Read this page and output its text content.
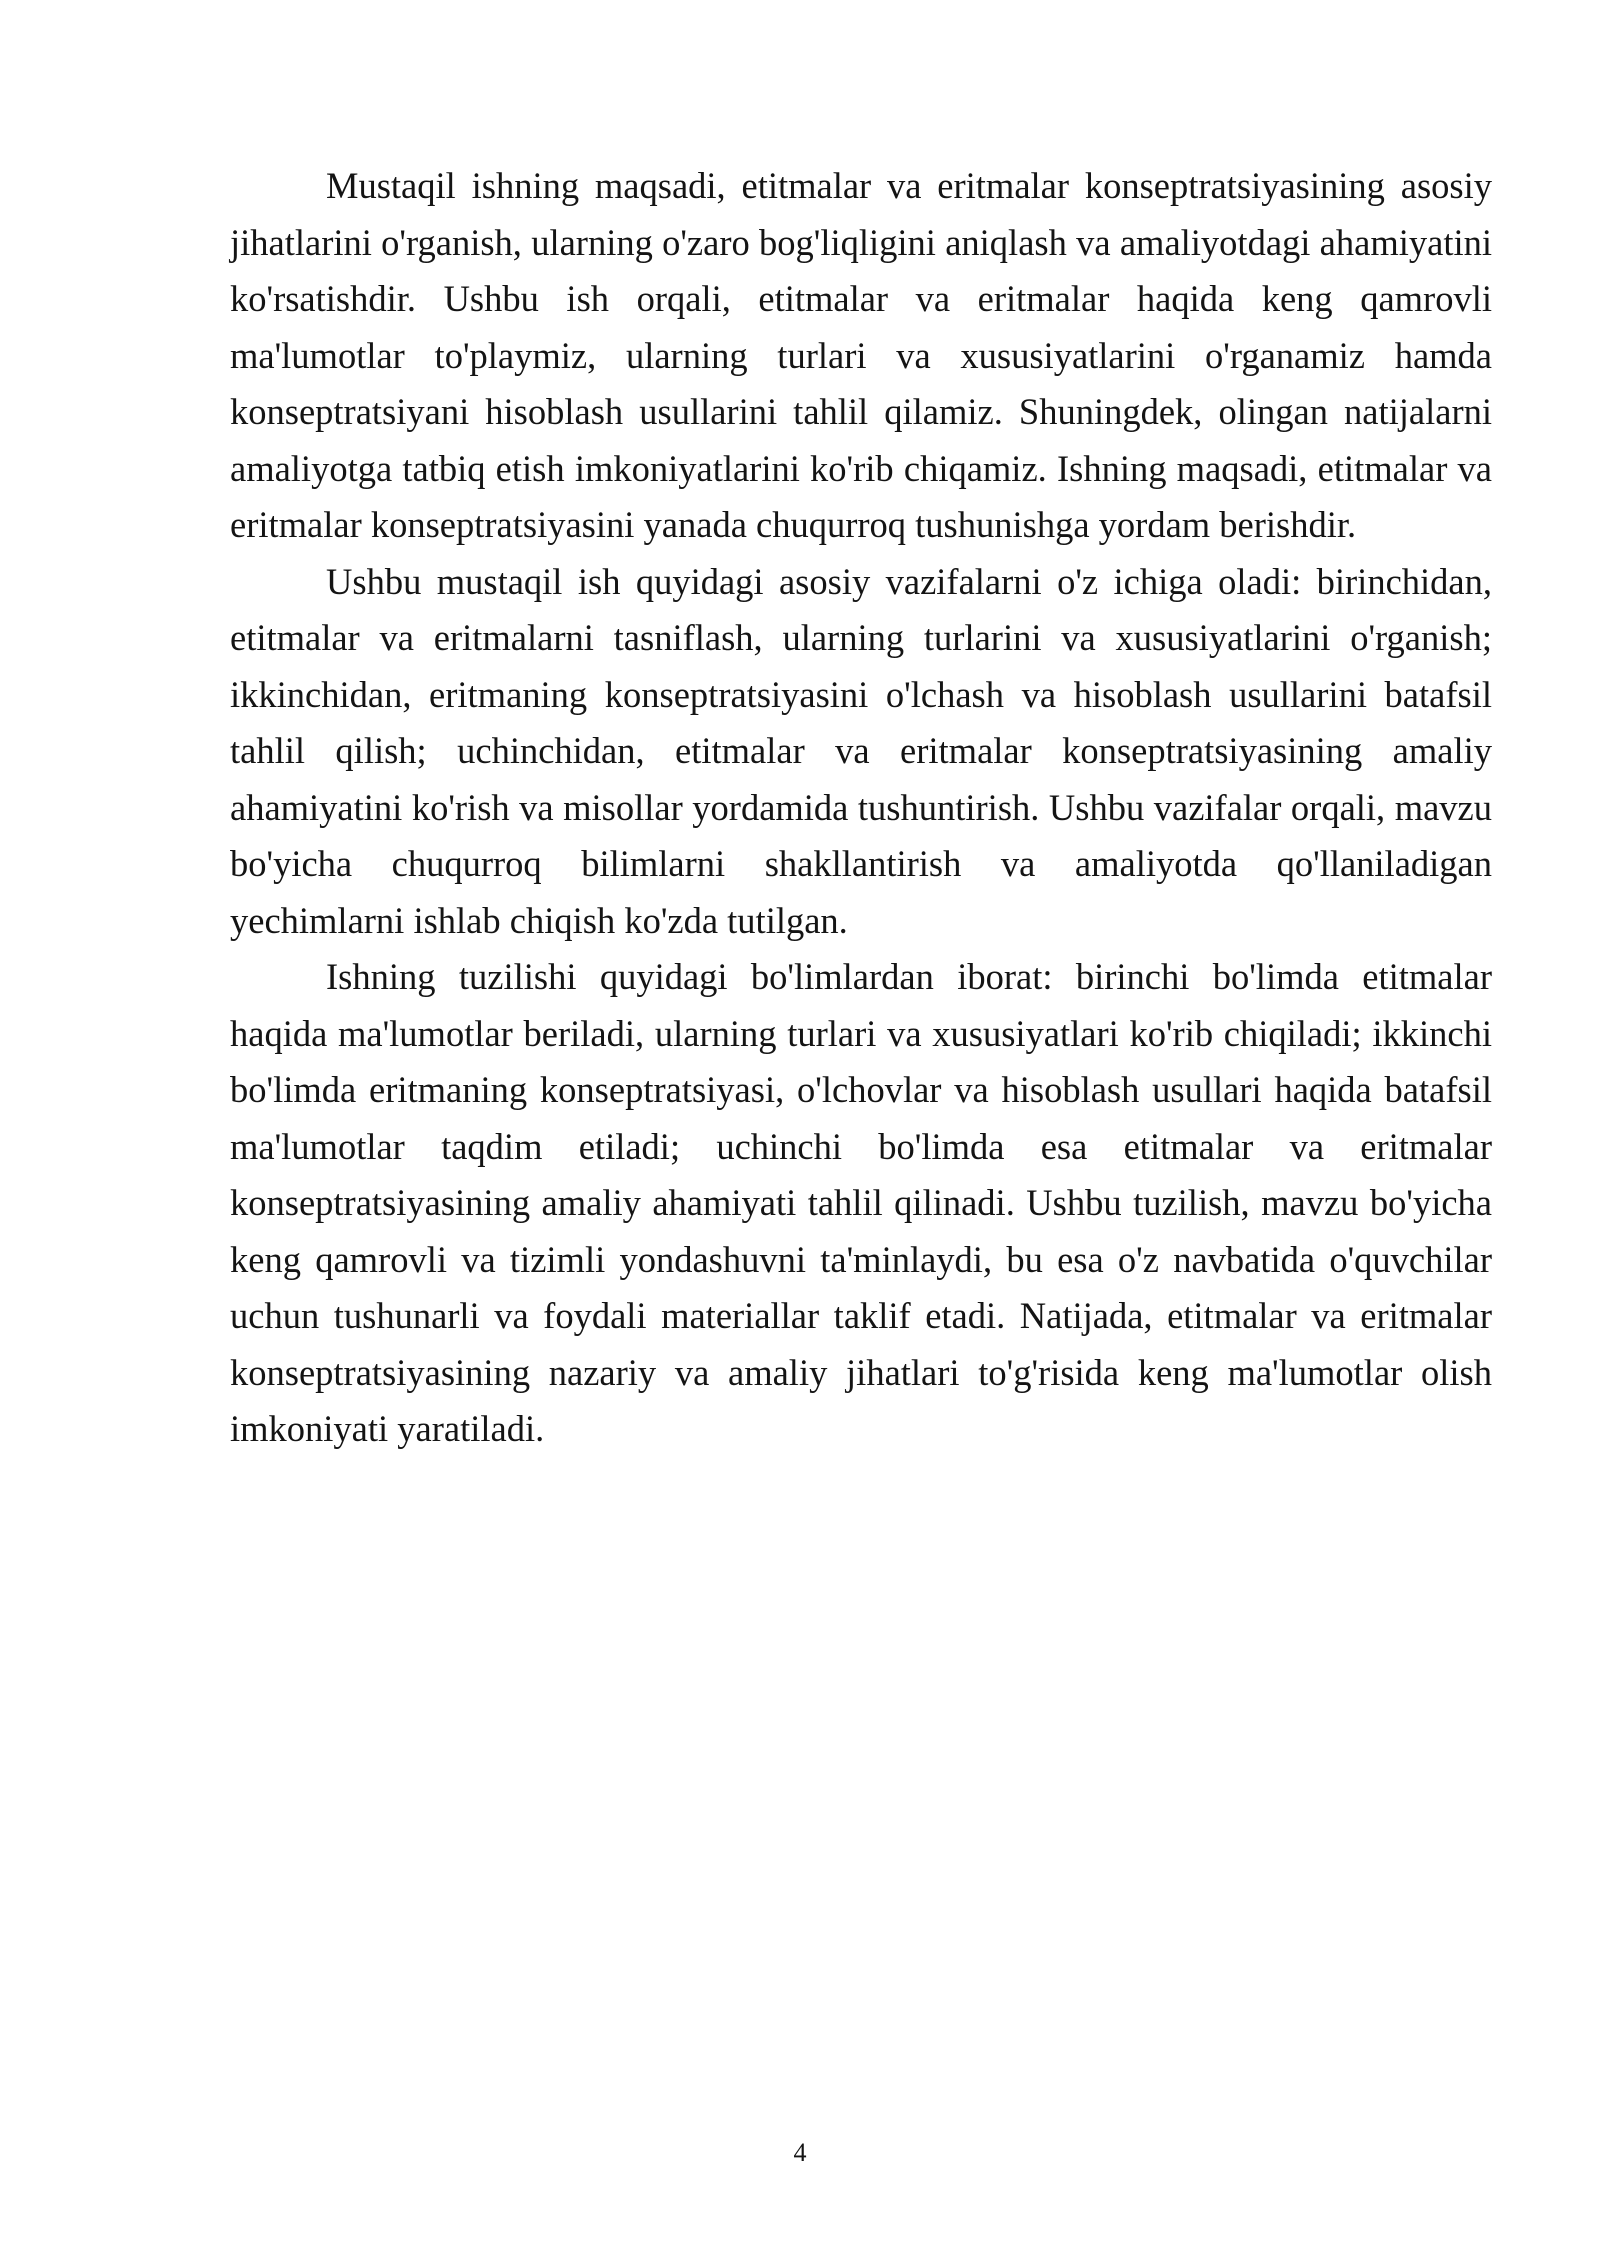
Mustaqil ishning maqsadi, etitmalar va eritmalar konseptratsiyasining asosiy jihatlarini o'rganish, ularning o'zaro bog'liqligini aniqlash va amaliyotdagi ahamiyatini ko'rsatishdir. Ushbu ish orqali, etitmalar va eritmalar haqida keng qamrovli ma'lumotlar to'playmiz, ularning turlari va xususiyatlarini o'rganamiz hamda konseptratsiyani hisoblash usullarini tahlil qilamiz. Shuningdek, olingan natijalarni amaliyotga tatbiq etish imkoniyatlarini ko'rib chiqamiz. Ishning maqsadi, etitmalar va eritmalar konseptratsiyasini yanada chuqurroq tushunishga yordam berishdir.

Ushbu mustaqil ish quyidagi asosiy vazifalarni o'z ichiga oladi: birinchidan, etitmalar va eritmalarni tasniflash, ularning turlarini va xususiyatlarini o'rganish; ikkinchidan, eritmaning konseptratsiyasini o'lchash va hisoblash usullarini batafsil tahlil qilish; uchinchidan, etitmalar va eritmalar konseptratsiyasining amaliy ahamiyatini ko'rish va misollar yordamida tushuntirish. Ushbu vazifalar orqali, mavzu bo'yicha chuqurroq bilimlarni shakllantirish va amaliyotda qo'llaniladigan yechimlarni ishlab chiqish ko'zda tutilgan.

Ishning tuzilishi quyidagi bo'limlardan iborat: birinchi bo'limda etitmalar haqida ma'lumotlar beriladi, ularning turlari va xususiyatlari ko'rib chiqiladi; ikkinchi bo'limda eritmaning konseptratsiyasi, o'lchovlar va hisoblash usullari haqida batafsil ma'lumotlar taqdim etiladi; uchinchi bo'limda esa etitmalar va eritmalar konseptratsiyasining amaliy ahamiyati tahlil qilinadi. Ushbu tuzilish, mavzu bo'yicha keng qamrovli va tizimli yondashuvni ta'minlaydi, bu esa o'z navbatida o'quvchilar uchun tushunarli va foydali materiallar taklif etadi. Natijada, etitmalar va eritmalar konseptratsiyasining nazariy va amaliy jihatlari to'g'risida keng ma'lumotlar olish imkoniyati yaratiladi.

4
